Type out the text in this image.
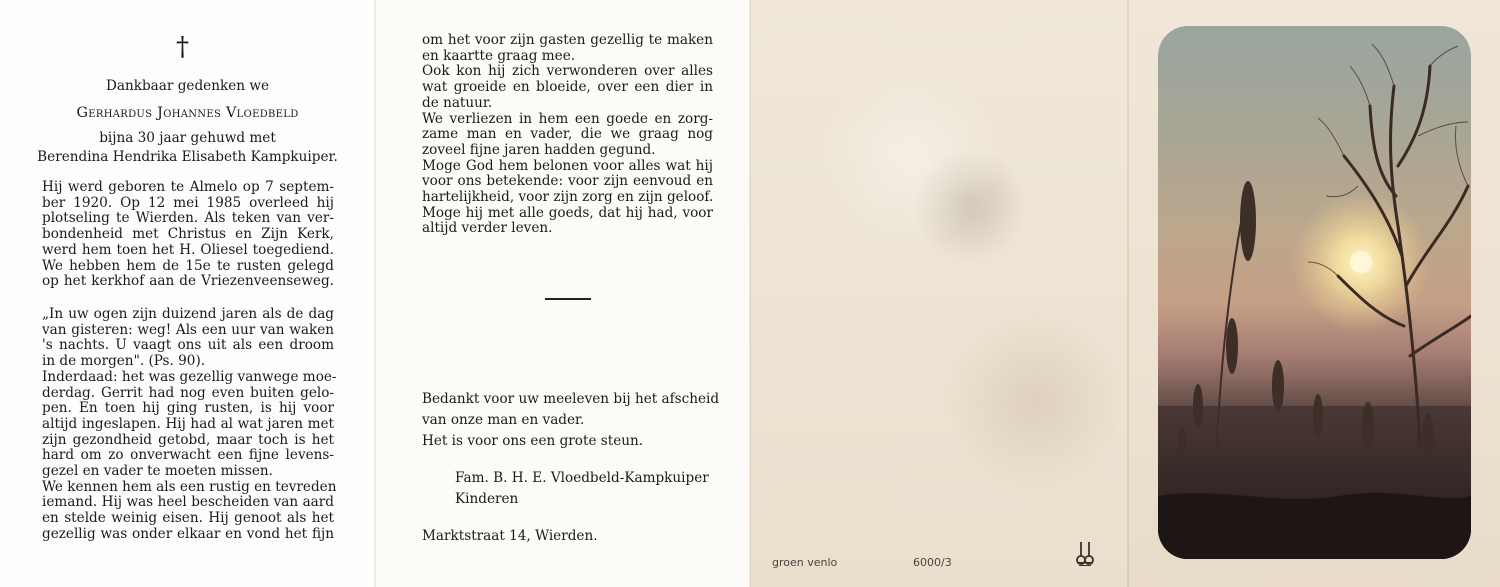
†
Dankbaar gedenken we
Gerhardus Johannes Vloedbeld
bijna 30 jaar gehuwd met
Berendina Hendrika Elisabeth Kampkuiper.
Hij werd geboren te Almelo op 7 septem-
ber 1920. Op 12 mei 1985 overleed hij
plotseling te Wierden. Als teken van ver-
bondenheid met Christus en Zijn Kerk,
werd hem toen het H. Oliesel toegediend.
We hebben hem de 15e te rusten gelegd
op het kerkhof aan de Vriezenveenseweg.
„In uw ogen zijn duizend jaren als de dag
van gisteren: weg! Als een uur van waken
's nachts. U vaagt ons uit als een droom
in de morgen". (Ps. 90).
Inderdaad: het was gezellig vanwege moe-
derdag. Gerrit had nog even buiten gelo-
pen. En toen hij ging rusten, is hij voor
altijd ingeslapen. Hij had al wat jaren met
zijn gezondheid getobd, maar toch is het
hard om zo onverwacht een fijne levens-
gezel en vader te moeten missen.
We kennen hem als een rustig en tevreden
iemand. Hij was heel bescheiden van aard
en stelde weinig eisen. Hij genoot als het
gezellig was onder elkaar en vond het fijn
om het voor zijn gasten gezellig te maken
en kaartte graag mee.
Ook kon hij zich verwonderen over alles
wat groeide en bloeide, over een dier in
de natuur.
We verliezen in hem een goede en zorg-
zame man en vader, die we graag nog
zoveel fijne jaren hadden gegund.
Moge God hem belonen voor alles wat hij
voor ons betekende: voor zijn eenvoud en
hartelijkheid, voor zijn zorg en zijn geloof.
Moge hij met alle goeds, dat hij had, voor
altijd verder leven.
Bedankt voor uw meeleven bij het afscheid
van onze man en vader.
Het is voor ons een grote steun.
Fam. B. H. E. Vloedbeld-Kampkuiper
Kinderen
Marktstraat 14, Wierden.
groen venlo	6000/3
